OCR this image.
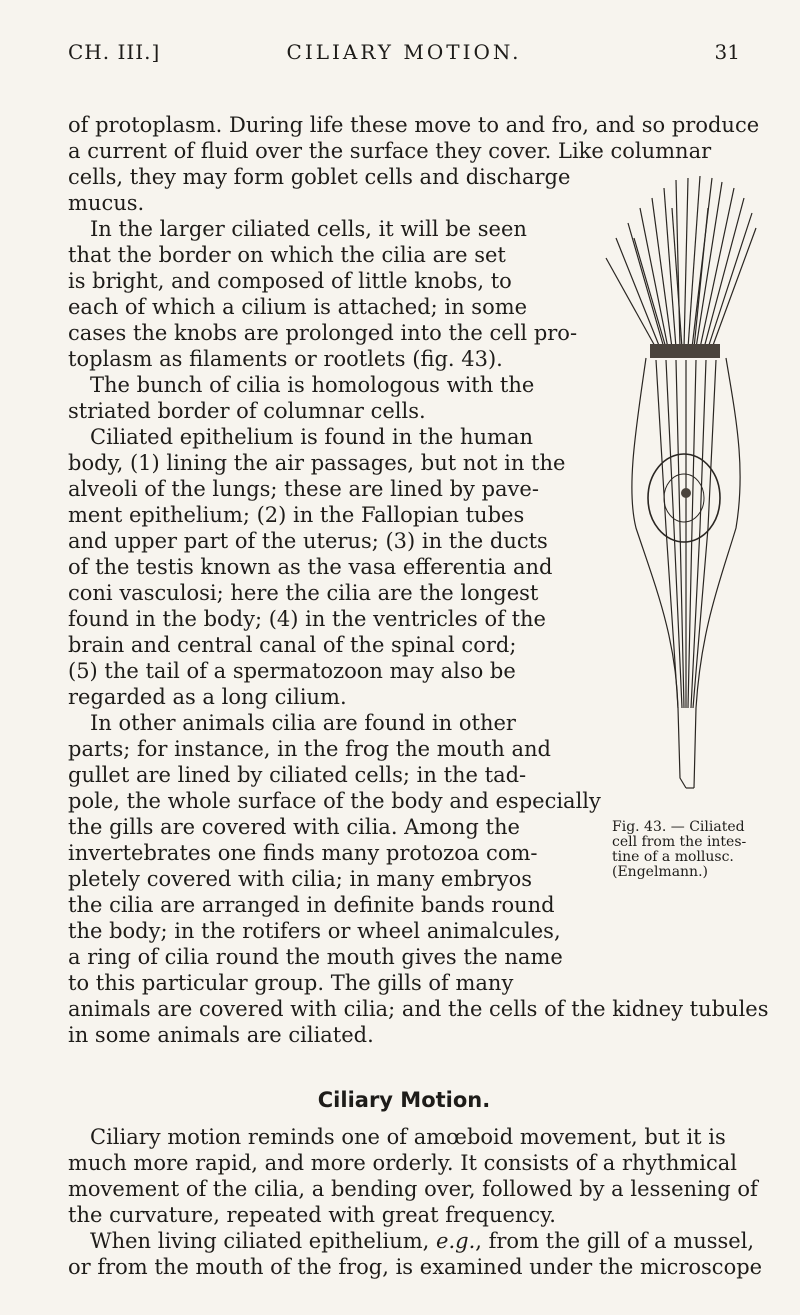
CH. III.]	CILIARY MOTION.	31

of protoplasm. During life these move to and fro, and so produce

a current of fluid over the surface they cover. Like columnar

cells, they may form goblet cells and discharge

mucus.

In the larger ciliated cells, it will be seen

that the border on which the cilia are set

is bright, and composed of little knobs, to

each of which a cilium is attached; in some

cases the knobs are prolonged into the cell pro-

toplasm as filaments or rootlets (fig. 43).

The bunch of cilia is homologous with the

striated border of columnar cells.

Ciliated epithelium is found in the human

body, (1) lining the air passages, but not in the

alveoli of the lungs; these are lined by pave-

ment epithelium; (2) in the Fallopian tubes

and upper part of the uterus; (3) in the ducts

of the testis known as the vasa efferentia and

coni vasculosi; here the cilia are the longest

found in the body; (4) in the ventricles of the

brain and central canal of the spinal cord;

(5) the tail of a spermatozoon may also be

regarded as a long cilium.

In other animals cilia are found in other

parts; for instance, in the frog the mouth and

gullet are lined by ciliated cells; in the tad-

pole, the whole surface of the body and especially

the gills are covered with cilia. Among the

invertebrates one finds many protozoa com-

pletely covered with cilia; in many embryos

the cilia are arranged in definite bands round

the body; in the rotifers or wheel animalcules,

a ring of cilia round the mouth gives the name

to this particular group. The gills of many

animals are covered with cilia; and the cells of the kidney tubules

in some animals are ciliated.

Ciliary Motion.

Ciliary motion reminds one of amœboid movement, but it is

much more rapid, and more orderly. It consists of a rhythmical

movement of the cilia, a bending over, followed by a lessening of

the curvature, repeated with great frequency.

When living ciliated epithelium, e.g., from the gill of a mussel,

or from the mouth of the frog, is examined under the microscope

Fig. 43. — Ciliated
cell from the intes-
tine of a mollusc.
(Engelmann.)
